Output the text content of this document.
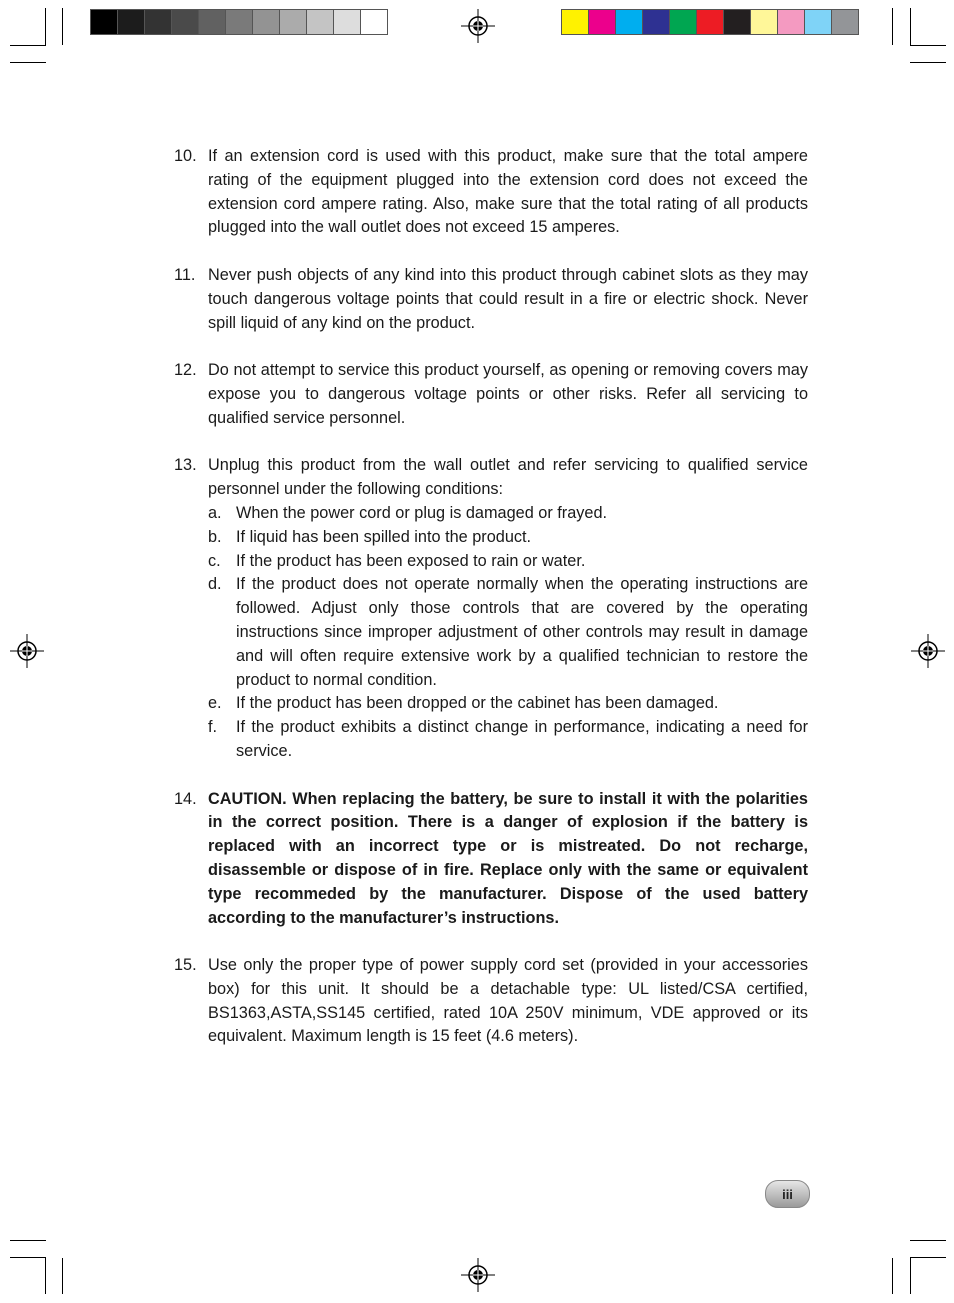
10. If an extension cord is used with this product, make sure that the total ampere rating of the equipment plugged into the extension cord does not exceed the extension cord ampere rating. Also, make sure that the total rating of all products plugged into the wall outlet does not exceed 15 amperes.
11. Never push objects of any kind into this product through cabinet slots as they may touch dangerous voltage points that could result in a fire or electric shock. Never spill liquid of any kind on the product.
12. Do not attempt to service this product yourself, as opening or removing covers may expose you to dangerous voltage points or other risks. Refer all servicing to qualified service personnel.
13. Unplug this product from the wall outlet and refer servicing to qualified service personnel under the following conditions:
a. When the power cord or plug is damaged or frayed.
b. If liquid has been spilled into the product.
c. If the product has been exposed to rain or water.
d. If the product does not operate normally when the operating instructions are followed. Adjust only those controls that are covered by the operating instructions since improper adjustment of other controls may result in damage and will often require extensive work by a qualified technician to restore the product to normal condition.
e. If the product has been dropped or the cabinet has been damaged.
f.	If the product exhibits a distinct change in performance, indicating a need for service.
14. CAUTION. When replacing the battery, be sure to install it with the polarities in the correct position. There is a danger of explosion if the battery is replaced with an incorrect type or is mistreated. Do not recharge, disassemble or dispose of in fire. Replace only with the same or equivalent type recommeded by the manufacturer. Dispose of the used battery according to the manufacturer’s instructions.
15. Use only the proper type of power supply cord set (provided in your accessories box) for this unit. It should be a detachable type: UL listed/CSA certified, BS1363,ASTA,SS145 certified, rated 10A 250V minimum, VDE approved or its equivalent. Maximum length is 15 feet (4.6 meters).
iii
